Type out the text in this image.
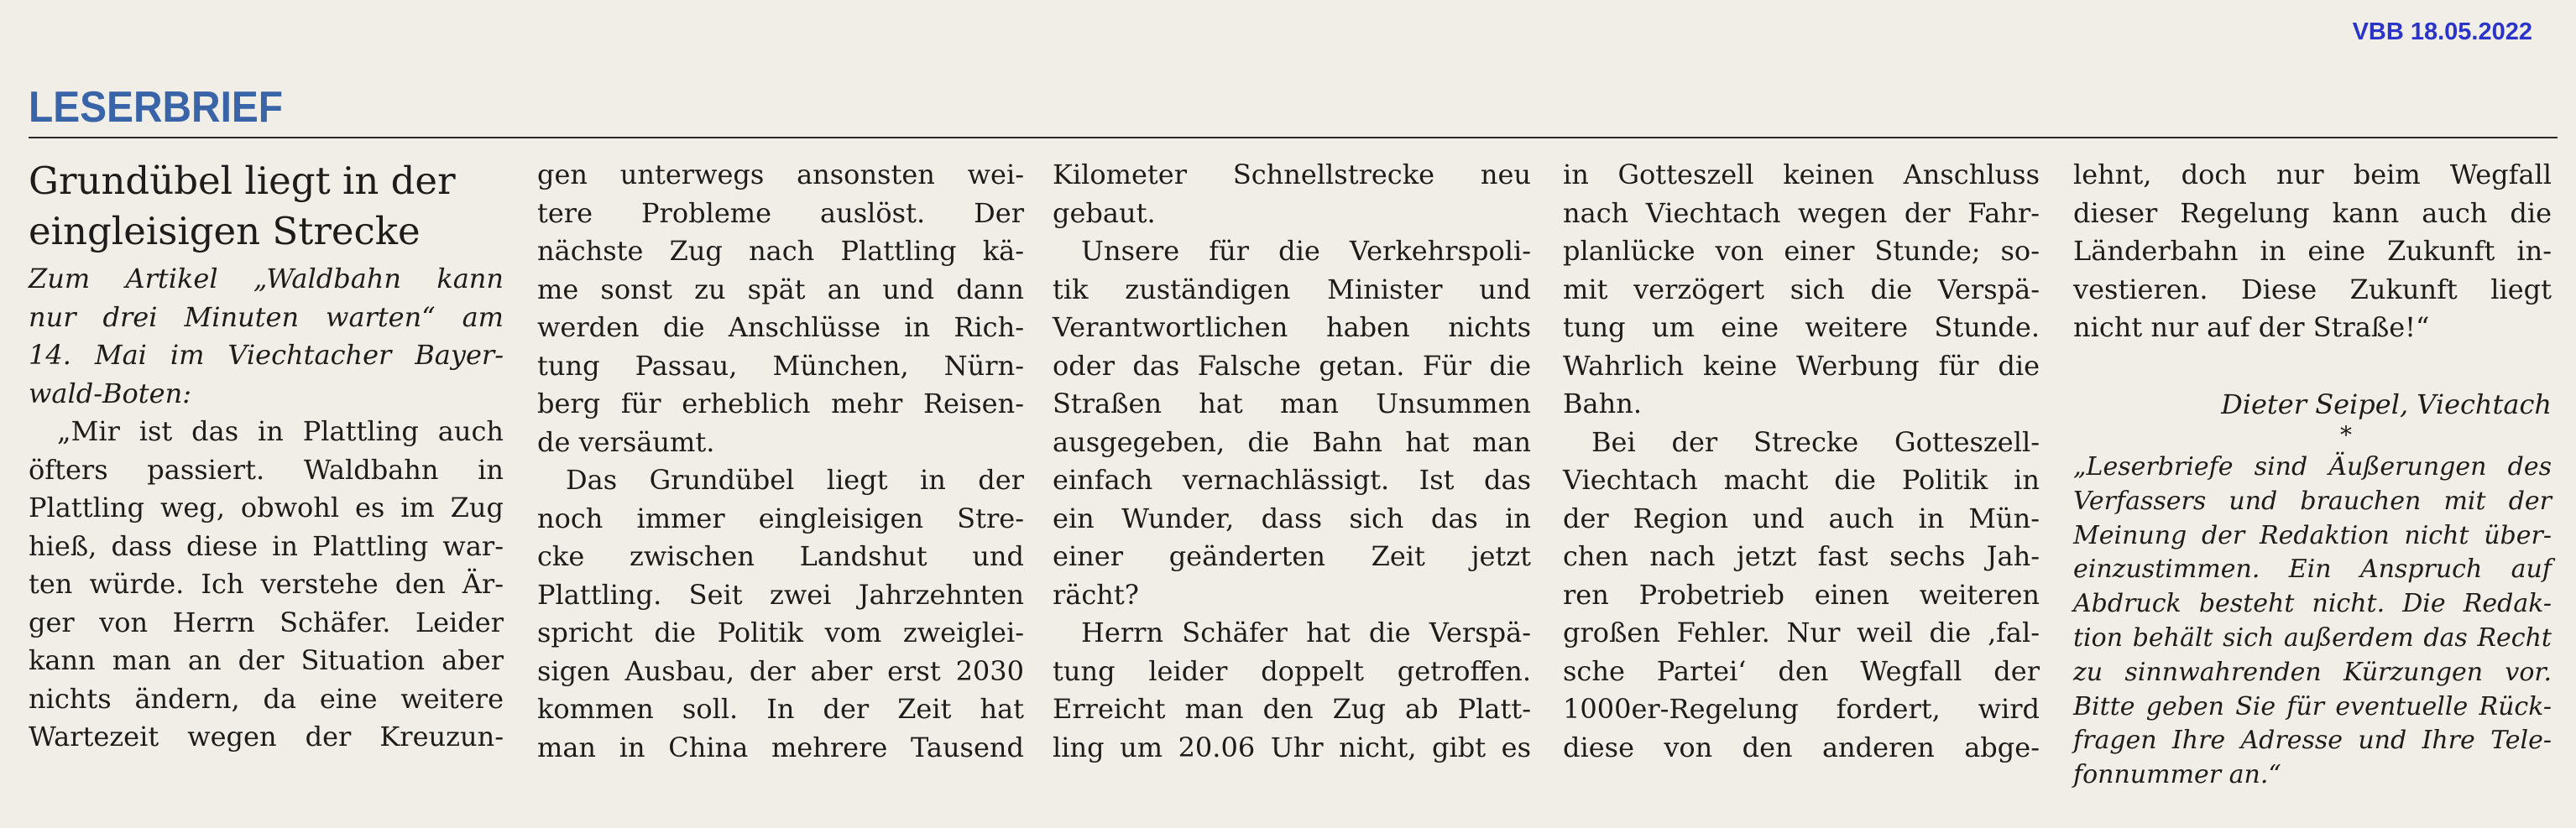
VBB 18.05.2022
LESERBRIEF
Grundübel liegt in der
eingleisigen Strecke
Zum Artikel „Waldbahn kann
nur drei Minuten warten“ am
14. Mai im Viechtacher Bayer-
wald-Boten:
„Mir ist das in Plattling auch
öfters passiert. Waldbahn in
Plattling weg, obwohl es im Zug
hieß, dass diese in Plattling war-
ten würde. Ich verstehe den Är-
ger von Herrn Schäfer. Leider
kann man an der Situation aber
nichts ändern, da eine weitere
Wartezeit wegen der Kreuzun-
gen unterwegs ansonsten wei-
tere Probleme auslöst. Der
nächste Zug nach Plattling kä-
me sonst zu spät an und dann
werden die Anschlüsse in Rich-
tung Passau, München, Nürn-
berg für erheblich mehr Reisen-
de versäumt.
Das Grundübel liegt in der
noch immer eingleisigen Stre-
cke zwischen Landshut und
Plattling. Seit zwei Jahrzehnten
spricht die Politik vom zweiglei-
sigen Ausbau, der aber erst 2030
kommen soll. In der Zeit hat
man in China mehrere Tausend
Kilometer Schnellstrecke neu
gebaut.
Unsere für die Verkehrspoli-
tik zuständigen Minister und
Verantwortlichen haben nichts
oder das Falsche getan. Für die
Straßen hat man Unsummen
ausgegeben, die Bahn hat man
einfach vernachlässigt. Ist das
ein Wunder, dass sich das in
einer geänderten Zeit jetzt
rächt?
Herrn Schäfer hat die Verspä-
tung leider doppelt getroffen.
Erreicht man den Zug ab Platt-
ling um 20.06 Uhr nicht, gibt es
in Gotteszell keinen Anschluss
nach Viechtach wegen der Fahr-
planlücke von einer Stunde; so-
mit verzögert sich die Verspä-
tung um eine weitere Stunde.
Wahrlich keine Werbung für die
Bahn.
Bei der Strecke Gotteszell-
Viechtach macht die Politik in
der Region und auch in Mün-
chen nach jetzt fast sechs Jah-
ren Probetrieb einen weiteren
großen Fehler. Nur weil die ‚fal-
sche Partei‘ den Wegfall der
1000er-Regelung fordert, wird
diese von den anderen abge-
lehnt, doch nur beim Wegfall
dieser Regelung kann auch die
Länderbahn in eine Zukunft in-
vestieren. Diese Zukunft liegt
nicht nur auf der Straße!“
Dieter Seipel, Viechtach
*
„Leserbriefe sind Äußerungen des
Verfassers und brauchen mit der
Meinung der Redaktion nicht über-
einzustimmen. Ein Anspruch auf
Abdruck besteht nicht. Die Redak-
tion behält sich außerdem das Recht
zu sinnwahrenden Kürzungen vor.
Bitte geben Sie für eventuelle Rück-
fragen Ihre Adresse und Ihre Tele-
fonnummer an.“
